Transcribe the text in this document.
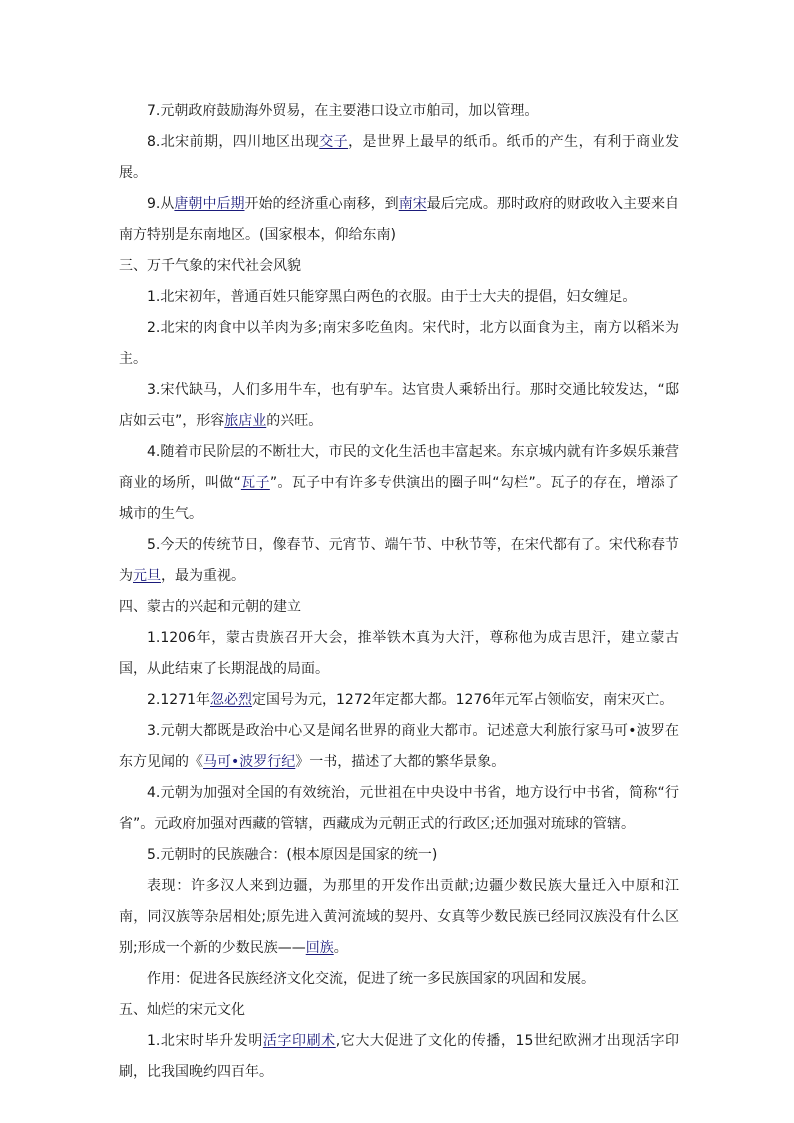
7.元朝政府鼓励海外贸易，在主要港口设立市舶司，加以管理。

8.北宋前期，四川地区出现交子，是世界上最早的纸币。纸币的产生，有利于商业发展。

9.从唐朝中后期开始的经济重心南移，到南宋最后完成。那时政府的财政收入主要来自南方特别是东南地区。(国家根本，仰给东南)

三、万千气象的宋代社会风貌

1.北宋初年，普通百姓只能穿黑白两色的衣服。由于士大夫的提倡，妇女缠足。

2.北宋的肉食中以羊肉为多;南宋多吃鱼肉。宋代时，北方以面食为主，南方以稻米为主。

3.宋代缺马，人们多用牛车，也有驴车。达官贵人乘轿出行。那时交通比较发达，“邸店如云屯”，形容旅店业的兴旺。

4.随着市民阶层的不断壮大，市民的文化生活也丰富起来。东京城内就有许多娱乐兼营商业的场所，叫做“瓦子”。瓦子中有许多专供演出的圈子叫“勾栏”。瓦子的存在，增添了城市的生气。

5.今天的传统节日，像春节、元宵节、端午节、中秋节等，在宋代都有了。宋代称春节为元旦，最为重视。

四、蒙古的兴起和元朝的建立

1.1206年，蒙古贵族召开大会，推举铁木真为大汗，尊称他为成吉思汗，建立蒙古国，从此结束了长期混战的局面。

2.1271年忽必烈定国号为元，1272年定都大都。1276年元军占领临安，南宋灭亡。

3.元朝大都既是政治中心又是闻名世界的商业大都市。记述意大利旅行家马可•波罗在东方见闻的《马可•波罗行纪》一书，描述了大都的繁华景象。

4.元朝为加强对全国的有效统治，元世祖在中央设中书省，地方设行中书省，简称“行省”。元政府加强对西藏的管辖，西藏成为元朝正式的行政区;还加强对琉球的管辖。

5.元朝时的民族融合：(根本原因是国家的统一)

表现：许多汉人来到边疆，为那里的开发作出贡献;边疆少数民族大量迁入中原和江南，同汉族等杂居相处;原先进入黄河流域的契丹、女真等少数民族已经同汉族没有什么区别;形成一个新的少数民族——回族。

作用：促进各民族经济文化交流，促进了统一多民族国家的巩固和发展。

五、灿烂的宋元文化

1.北宋时毕升发明活字印刷术,它大大促进了文化的传播，15世纪欧洲才出现活字印刷，比我国晚约四百年。
